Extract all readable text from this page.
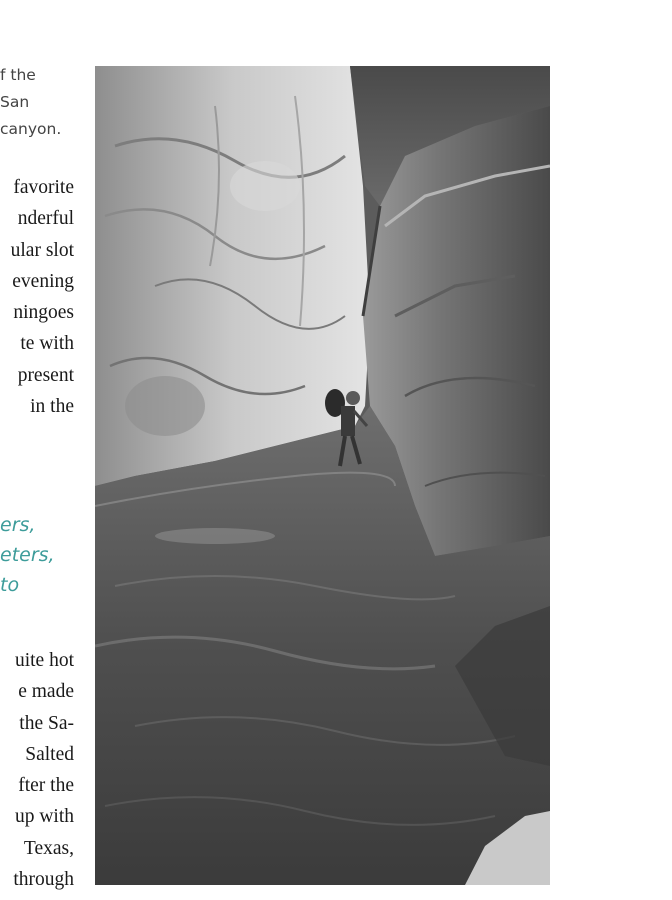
f the
San
canyon.
favorite
nderful
ular slot
evening
ningoes
te with
present
in the
ers,
eters,
to
uite hot
e made
the Sa-
Salted
fter the
up with
Texas,
through
